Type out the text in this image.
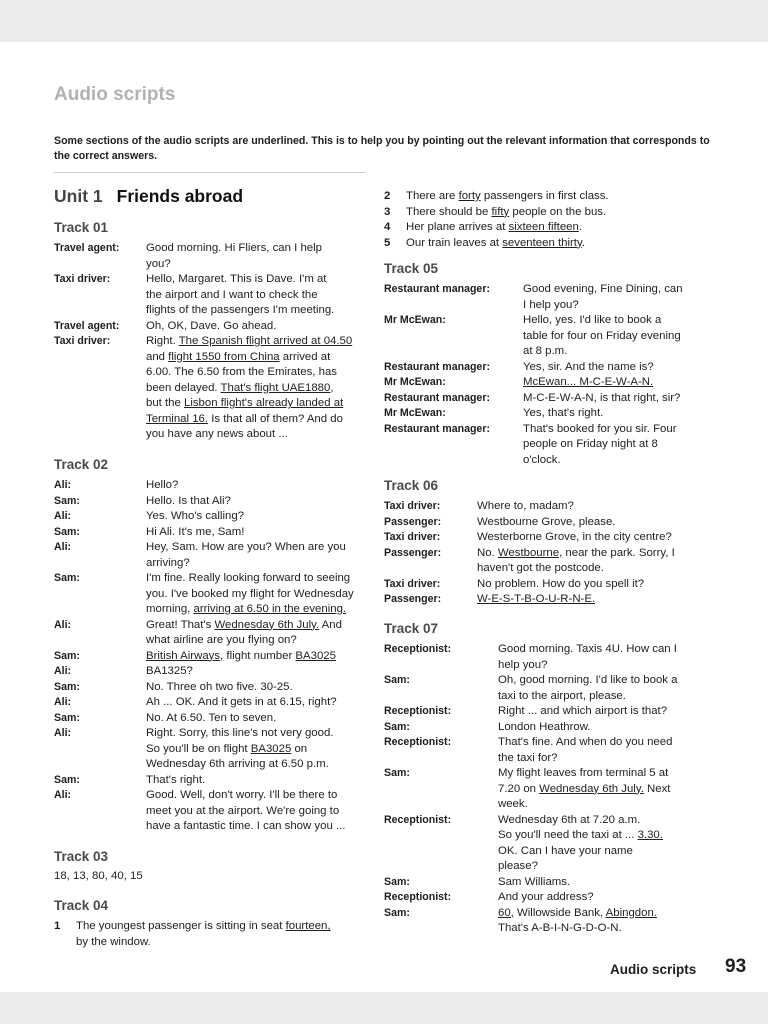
Audio scripts

Some sections of the audio scripts are underlined. This is to help you by pointing out the relevant information that corresponds to the correct answers.

Unit 1 Friends abroad
Track 01
Travel agent: Good morning. Hi Fliers, can I help
you?
Taxi driver:	Hello, Margaret. This is Dave. I'm at
the airport and I want to check the
flights of the passengers I'm meeting.
Travel agent: Oh, OK, Dave. Go ahead.
Taxi driver:	Right. The Spanish flight arrived at 04.50
and flight 1550 from China arrived at
6.00. The 6.50 from the Emirates, has
been delayed. That's flight UAE1880,
but the Lisbon flight's already landed at
Terminal 16. Is that all of them? And do
you have any news about ...
Track 02
Ali:	Hello?
Sam:	Hello. Is that Ali?
Ali:	Yes. Who's calling?
Sam:	Hi Ali. It's me, Sam!
Ali:	Hey, Sam. How are you? When are you
arriving?
Sam:	I'm fine. Really looking forward to seeing
you. I've booked my flight for Wednesday
morning, arriving at 6.50 in the evening.
Ali:	Great! That's Wednesday 6th July. And
what airline are you flying on?
Sam:	British Airways, flight number BA3025
Ali:	BA1325?
Sam:	No. Three oh two five. 30-25.
Ali:	Ah ... OK. And it gets in at 6.15, right?
Sam:	No. At 6.50. Ten to seven.
Ali:	Right. Sorry, this line's not very good.
So you'll be on flight BA3025 on
Wednesday 6th arriving at 6.50 p.m.
Sam:	That's right.
Ali:	Good. Well, don't worry. I'll be there to
meet you at the airport. We're going to
have a fantastic time. I can show you ...
Track 03
18, 13, 80, 40, 15
Track 04
1 The youngest passenger is sitting in seat fourteen,
by the window.
2 There are forty passengers in first class.
3 There should be fifty people on the bus.
4 Her plane arrives at sixteen fifteen.
5 Our train leaves at seventeen thirty.
Track 05
Restaurant manager:	Good evening, Fine Dining, can
I help you?
Mr McEwan:	Hello, yes. I'd like to book a
table for four on Friday evening
at 8 p.m.
Restaurant manager:	Yes, sir. And the name is?
Mr McEwan:	McEwan... M-C-E-W-A-N.
Restaurant manager:	M-C-E-W-A-N, is that right, sir?
Mr McEwan:	Yes, that's right.
Restaurant manager:	That's booked for you sir. Four
people on Friday night at 8
o'clock.
Track 06
Taxi driver:	Where to, madam?
Passenger:	Westbourne Grove, please.
Taxi driver:	Westerborne Grove, in the city centre?
Passenger:	No. Westbourne, near the park. Sorry, I
haven't got the postcode.
Taxi driver:	No problem. How do you spell it?
Passenger:	W-E-S-T-B-O-U-R-N-E.
Track 07
Receptionist:	Good morning. Taxis 4U. How can I
help you?
Sam:	Oh, good morning. I'd like to book a
taxi to the airport, please.
Receptionist:	Right ... and which airport is that?
Sam:	London Heathrow.
Receptionist:	That's fine. And when do you need
the taxi for?
Sam:	My flight leaves from terminal 5 at
7.20 on Wednesday 6th July. Next
week.
Receptionist:	Wednesday 6th at 7.20 a.m.
So you'll need the taxi at ... 3.30.
OK. Can I have your name
please?
Sam:	Sam Williams.
Receptionist:	And your address?
Sam:	60, Willowside Bank, Abingdon.
That's A-B-I-N-G-D-O-N.

Audio scripts 93
